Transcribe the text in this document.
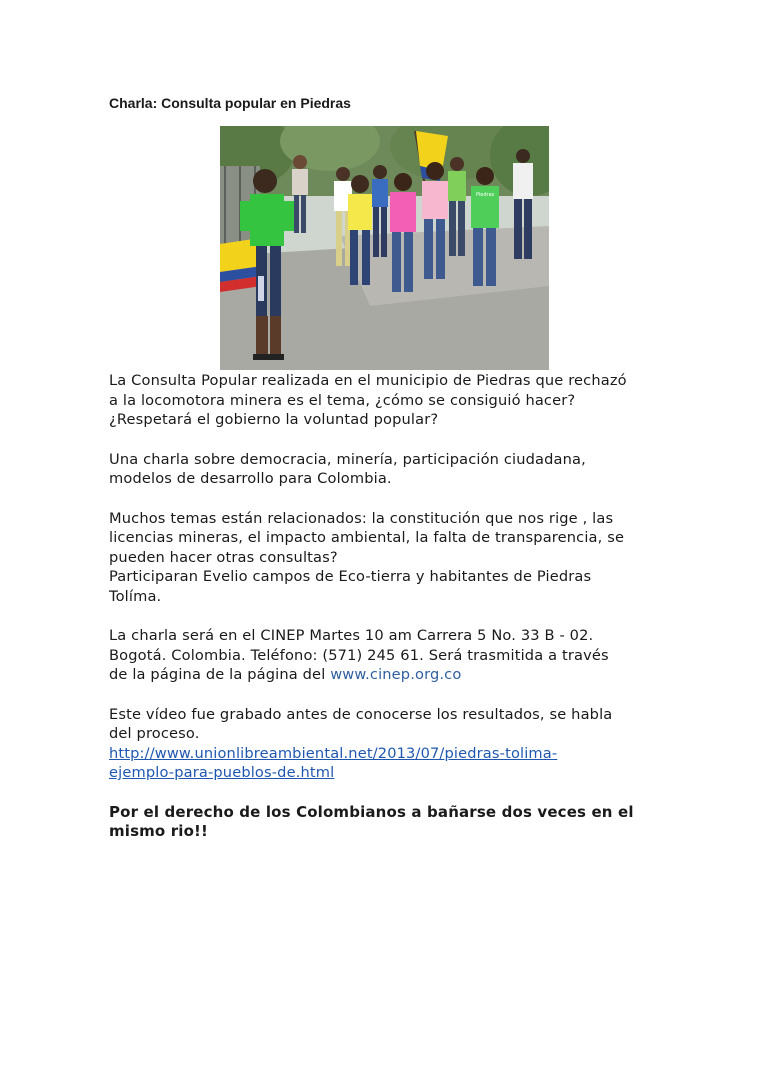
Charla: Consulta popular en Piedras
Piedras

La Consulta Popular realizada en el municipio de Piedras que rechazó
a la locomotora minera es el tema, ¿cómo se consiguió hacer?
¿Respetará el gobierno la voluntad popular?

Una charla sobre democracia, minería, participación ciudadana,
modelos de desarrollo para Colombia.

Muchos temas están relacionados: la constitución que nos rige , las
licencias mineras, el impacto ambiental, la falta de transparencia, se
pueden hacer otras consultas?
Participaran Evelio campos de Eco-tierra y habitantes de Piedras
Tolíma.

La charla será en el CINEP Martes 10 am Carrera 5 No. 33 B - 02.
Bogotá. Colombia. Teléfono: (571) 245 61. Será trasmitida a través
de la página de la página del www.cinep.org.co

Este vídeo fue grabado antes de conocerse los resultados, se habla
del proceso.
http://www.unionlibreambiental.net/2013/07/piedras-tolima-
ejemplo-para-pueblos-de.html

Por el derecho de los Colombianos a bañarse dos veces en el
mismo rio!!
